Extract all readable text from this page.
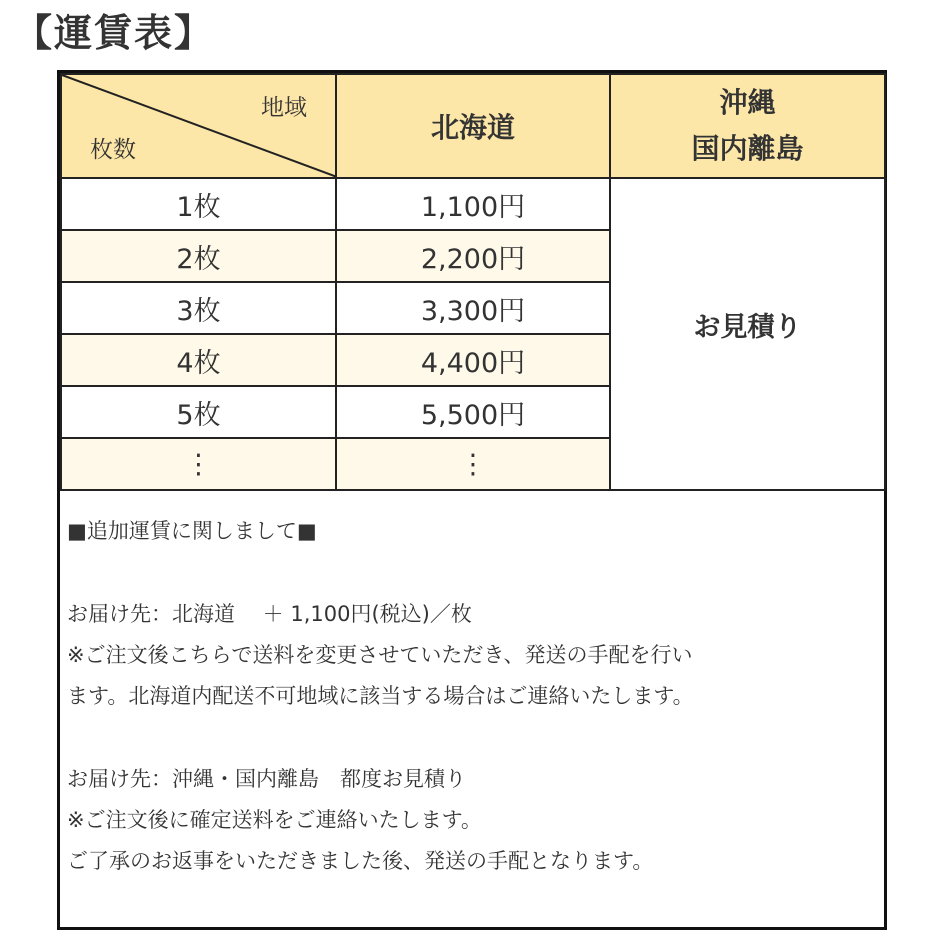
【運賃表】
地域
枚数	北海道	沖縄
国内離島

1枚	1,100円	お見積り
2枚	2,200円	
3枚	3,300円	
4枚	4,400円	
5枚	5,500円	
⋮	⋮	

■追加運賃に関しまして■

お届け先：北海道　 ＋ 1,100円(税込)／枚

※ご注文後こちらで送料を変更させていただき、発送の手配を行い

ます。北海道内配送不可地域に該当する場合はご連絡いたします。

お届け先：沖縄・国内離島　都度お見積り

※ご注文後に確定送料をご連絡いたします。

ご了承のお返事をいただきました後、発送の手配となります。
